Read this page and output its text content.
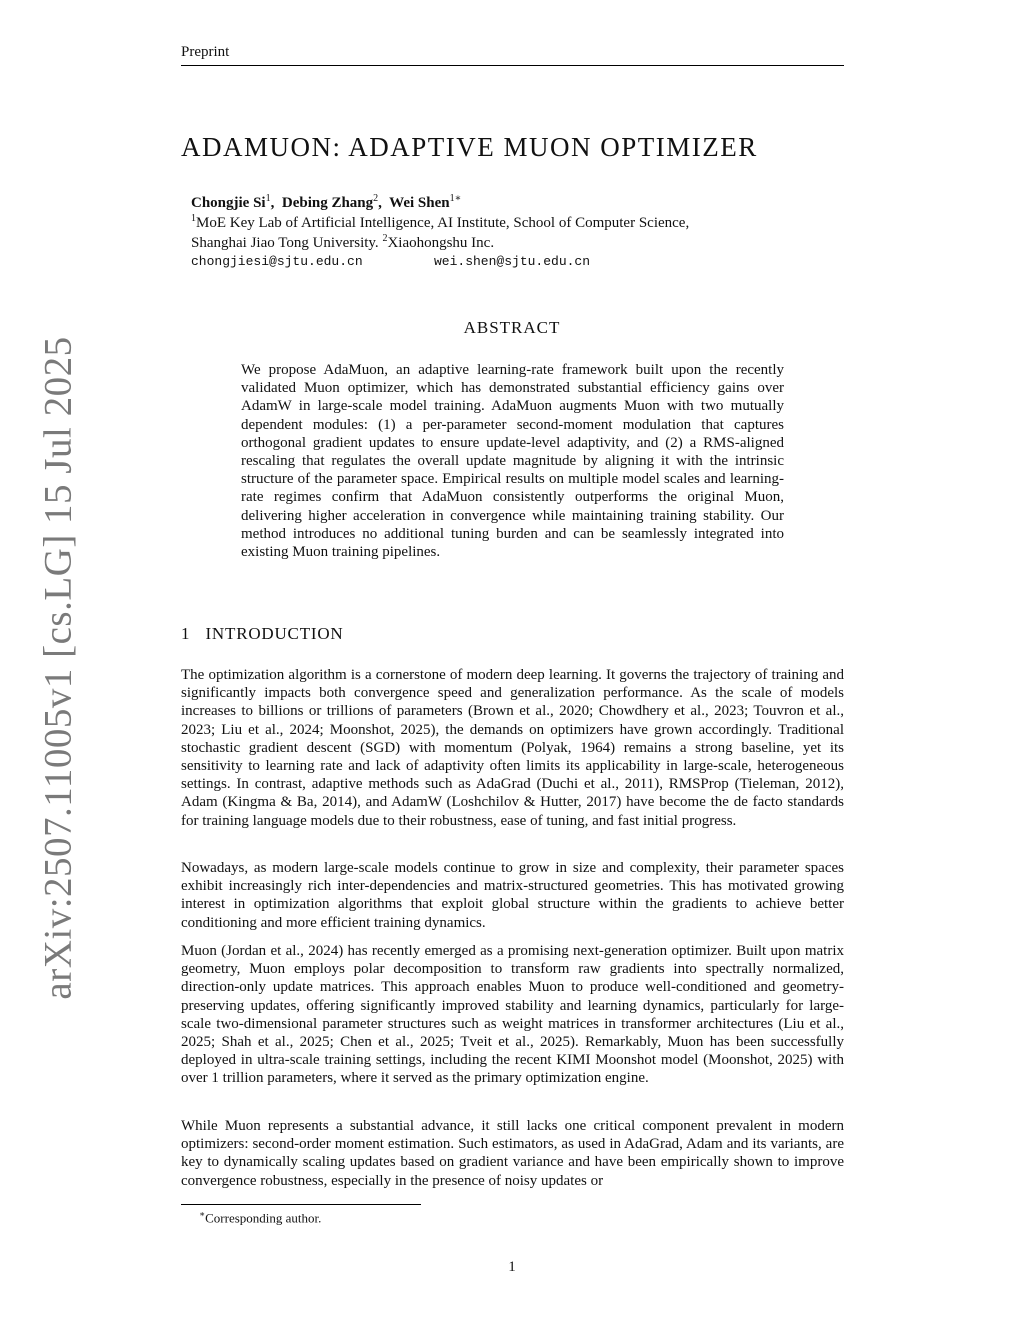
Preprint
arXiv:2507.11005v1 [cs.LG] 15 Jul 2025
ADAMUON: ADAPTIVE MUON OPTIMIZER
Chongjie Si$^1$,  Debing Zhang$^2$,  Wei Shen$^{1∗}$
$^1$MoE Key Lab of Artificial Intelligence, AI Institute, School of Computer Science,
Shanghai Jiao Tong University. $^2$Xiaohongshu Inc.
chongjiesi@sjtu.edu.cn	wei.shen@sjtu.edu.cn
ABSTRACT
We propose AdaMuon, an adaptive learning-rate framework built upon the recently validated Muon optimizer, which has demonstrated substantial efficiency gains over AdamW in large-scale model training. AdaMuon augments Muon with two mutually dependent modules: (1) a per-parameter second-moment modulation that captures orthogonal gradient updates to ensure update-level adaptivity, and (2) a RMS-aligned rescaling that regulates the overall update magnitude by aligning it with the intrinsic structure of the parameter space. Empirical results on multiple model scales and learning-rate regimes confirm that AdaMuon consistently outperforms the original Muon, delivering higher acceleration in convergence while maintaining training stability. Our method introduces no additional tuning burden and can be seamlessly integrated into existing Muon training pipelines.
1 INTRODUCTION
The optimization algorithm is a cornerstone of modern deep learning. It governs the trajectory of training and significantly impacts both convergence speed and generalization performance. As the scale of models increases to billions or trillions of parameters (Brown et al., 2020; Chowdhery et al., 2023; Touvron et al., 2023; Liu et al., 2024; Moonshot, 2025), the demands on optimizers have grown accordingly. Traditional stochastic gradient descent (SGD) with momentum (Polyak, 1964) remains a strong baseline, yet its sensitivity to learning rate and lack of adaptivity often limits its applicability in large-scale, heterogeneous settings. In contrast, adaptive methods such as AdaGrad (Duchi et al., 2011), RMSProp (Tieleman, 2012), Adam (Kingma & Ba, 2014), and AdamW (Loshchilov & Hutter, 2017) have become the de facto standards for training language models due to their robustness, ease of tuning, and fast initial progress.
Nowadays, as modern large-scale models continue to grow in size and complexity, their parameter spaces exhibit increasingly rich inter-dependencies and matrix-structured geometries. This has motivated growing interest in optimization algorithms that exploit global structure within the gradients to achieve better conditioning and more efficient training dynamics.
Muon (Jordan et al., 2024) has recently emerged as a promising next-generation optimizer. Built upon matrix geometry, Muon employs polar decomposition to transform raw gradients into spectrally normalized, direction-only update matrices. This approach enables Muon to produce well-conditioned and geometry-preserving updates, offering significantly improved stability and learning dynamics, particularly for large-scale two-dimensional parameter structures such as weight matrices in transformer architectures (Liu et al., 2025; Shah et al., 2025; Chen et al., 2025; Tveit et al., 2025). Remarkably, Muon has been successfully deployed in ultra-scale training settings, including the recent KIMI Moonshot model (Moonshot, 2025) with over 1 trillion parameters, where it served as the primary optimization engine.
While Muon represents a substantial advance, it still lacks one critical component prevalent in modern optimizers: second-order moment estimation. Such estimators, as used in AdaGrad, Adam and its variants, are key to dynamically scaling updates based on gradient variance and have been empirically shown to improve convergence robustness, especially in the presence of noisy updates or
∗Corresponding author.
1
